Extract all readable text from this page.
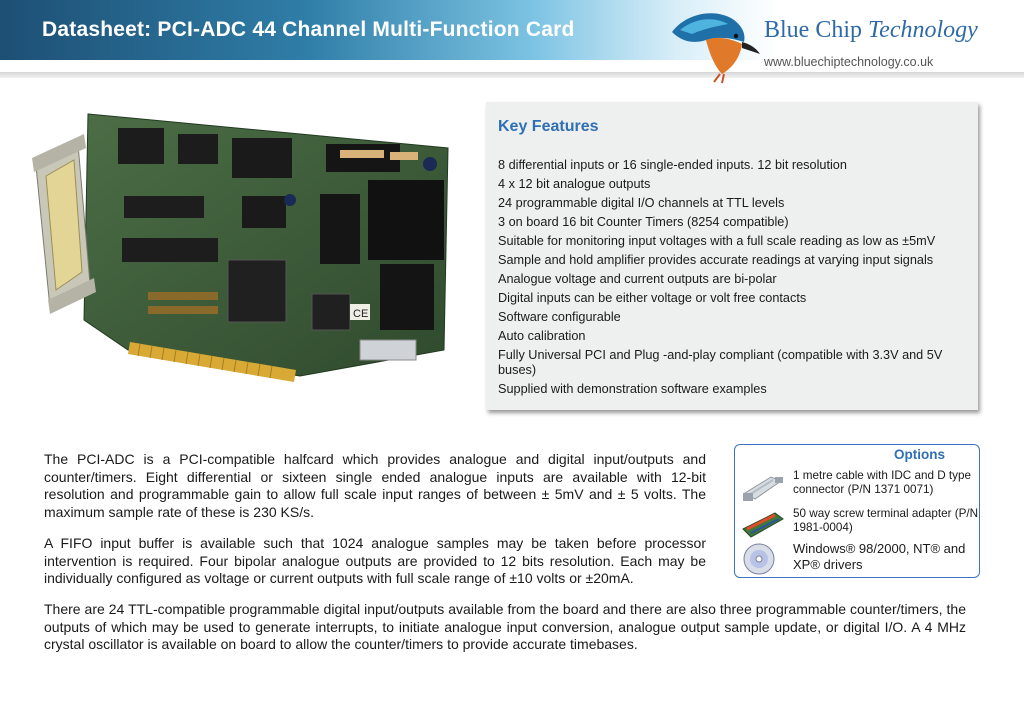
Datasheet: PCI-ADC 44 Channel Multi-Function Card	Blue Chip Technology
www.bluechiptechnology.co.uk
CE
Key Features
8 differential inputs or 16 single-ended inputs. 12 bit resolution
4 x 12 bit analogue outputs
24 programmable digital I/O channels at TTL levels
3 on board 16 bit Counter Timers (8254 compatible)
Suitable for monitoring input voltages with a full scale reading as low as ±5mV
Sample and hold amplifier provides accurate readings at varying input signals
Analogue voltage and current outputs are bi-polar
Digital inputs can be either voltage or volt free contacts
Software configurable
Auto calibration
Fully Universal PCI and Plug -and-play compliant (compatible with 3.3V and 5V buses)
Supplied with demonstration software examples

The PCI-ADC is a PCI-compatible halfcard which provides analogue and digital input/outputs and counter/timers. Eight differential or sixteen single ended analogue inputs are available with 12-bit resolution and programmable gain to allow full scale input ranges of between ± 5mV and ± 5 volts. The maximum sample rate of these is 230 KS/s.

A FIFO input buffer is available such that 1024 analogue samples may be taken before processor intervention is required. Four bipolar analogue outputs are provided to 12 bits resolution. Each may be individually configured as voltage or current outputs with full scale range of ±10 volts or ±20mA.

There are 24 TTL-compatible programmable digital input/outputs available from the board and there are also three programmable counter/timers, the outputs of which may be used to generate interrupts, to initiate analogue input conversion, analogue output sample update, or digital I/O. A 4 MHz crystal oscillator is available on board to allow the counter/timers to provide accurate timebases.

Options
1 metre cable with IDC and D type connector (P/N 1371 0071)
50 way screw terminal adapter (P/N 1981-0004)
Windows® 98/2000, NT® and XP® drivers
